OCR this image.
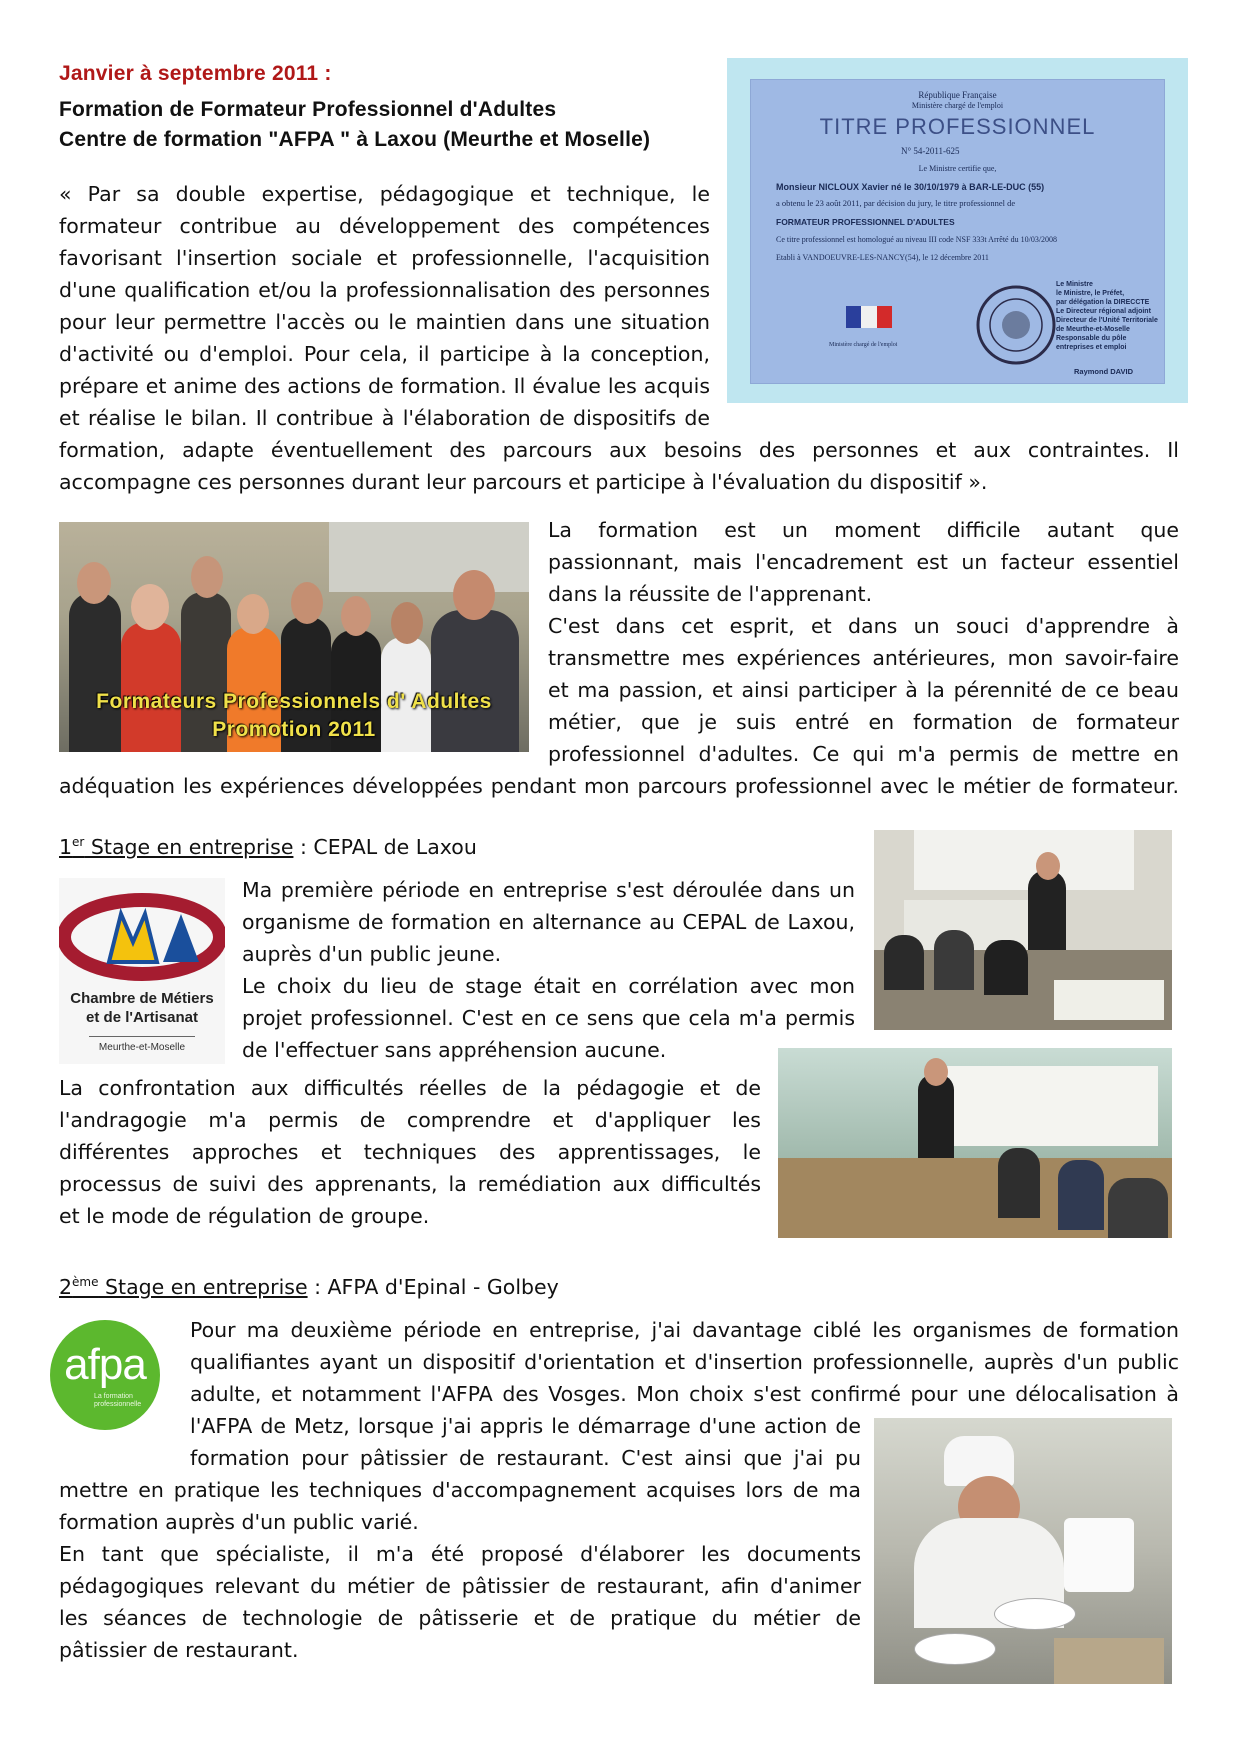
Janvier à septembre 2011 :
Formation de Formateur Professionnel d'Adultes
Centre de formation "AFPA " à Laxou (Meurthe et Moselle)
République Française
Ministère chargé de l'emploi
TITRE PROFESSIONNEL
N° 54-2011-625
Le Ministre certifie que,
Monsieur NICLOUX Xavier né le 30/10/1979 à BAR-LE-DUC (55)
a obtenu le 23 août 2011, par décision du jury, le titre professionnel de
FORMATEUR PROFESSIONNEL D'ADULTES
Ce titre professionnel est homologué au niveau III code NSF 333t Arrêté du 10/03/2008
Etabli à VANDOEUVRE-LES-NANCY(54), le 12 décembre 2011
Ministère chargé de l'emploi
Le Ministre
le Ministre, le Préfet,
par délégation la DIRECCTE
Le Directeur régional adjoint
Directeur de l'Unité Territoriale
de Meurthe-et-Moselle
Responsable du pôle
entreprises et emploi
Raymond DAVID
« Par sa double expertise, pédagogique et technique, le
formateur contribue au développement des compétences
favorisant l'insertion sociale et professionnelle, l'acquisition
d'une qualification et/ou la professionnalisation des personnes
pour leur permettre l'accès ou le maintien dans une situation
d'activité ou d'emploi. Pour cela, il participe à la conception,
prépare et anime des actions de formation. Il évalue les acquis
et réalise le bilan. Il contribue à l'élaboration de dispositifs de
formation, adapte éventuellement des parcours aux besoins des personnes et aux contraintes. Il
accompagne ces personnes durant leur parcours et participe à l'évaluation du dispositif ».
Formateurs Professionnels d' Adultes
Promotion 2011
La formation est un moment difficile autant que
passionnant, mais l'encadrement est un facteur essentiel
dans la réussite de l'apprenant.
C'est dans cet esprit, et dans un souci d'apprendre à
transmettre mes expériences antérieures, mon savoir-faire
et ma passion, et ainsi participer à la pérennité de ce beau
métier, que je suis entré en formation de formateur
professionnel d'adultes. Ce qui m'a permis de mettre en
adéquation les expériences développées pendant mon parcours professionnel avec le métier de formateur.
1er Stage en entreprise : CEPAL de Laxou
Chambre de Métiers
et de l'Artisanat
Meurthe-et-Moselle
Ma première période en entreprise s'est déroulée dans un
organisme de formation en alternance au CEPAL de Laxou,
auprès d'un public jeune.
Le choix du lieu de stage était en corrélation avec mon
projet professionnel. C'est en ce sens que cela m'a permis
de l'effectuer sans appréhension aucune.
La confrontation aux difficultés réelles de la pédagogie et de
l'andragogie m'a permis de comprendre et d'appliquer les
différentes approches et techniques des apprentissages, le
processus de suivi des apprenants, la remédiation aux difficultés
et le mode de régulation de groupe.
2ème Stage en entreprise : AFPA d'Epinal - Golbey
afpa
La formation
professionnelle
Pour ma deuxième période en entreprise, j'ai davantage ciblé les organismes de formation
qualifiantes ayant un dispositif d'orientation et d'insertion professionnelle, auprès d'un public
adulte, et notamment l'AFPA des Vosges. Mon choix s'est confirmé pour une délocalisation à
l'AFPA de Metz, lorsque j'ai appris le démarrage d'une action de
formation pour pâtissier de restaurant. C'est ainsi que j'ai pu
mettre en pratique les techniques d'accompagnement acquises lors de ma
formation auprès d'un public varié.
En tant que spécialiste, il m'a été proposé d'élaborer les documents
pédagogiques relevant du métier de pâtissier de restaurant, afin d'animer
les séances de technologie de pâtisserie et de pratique du métier de
pâtissier de restaurant.
